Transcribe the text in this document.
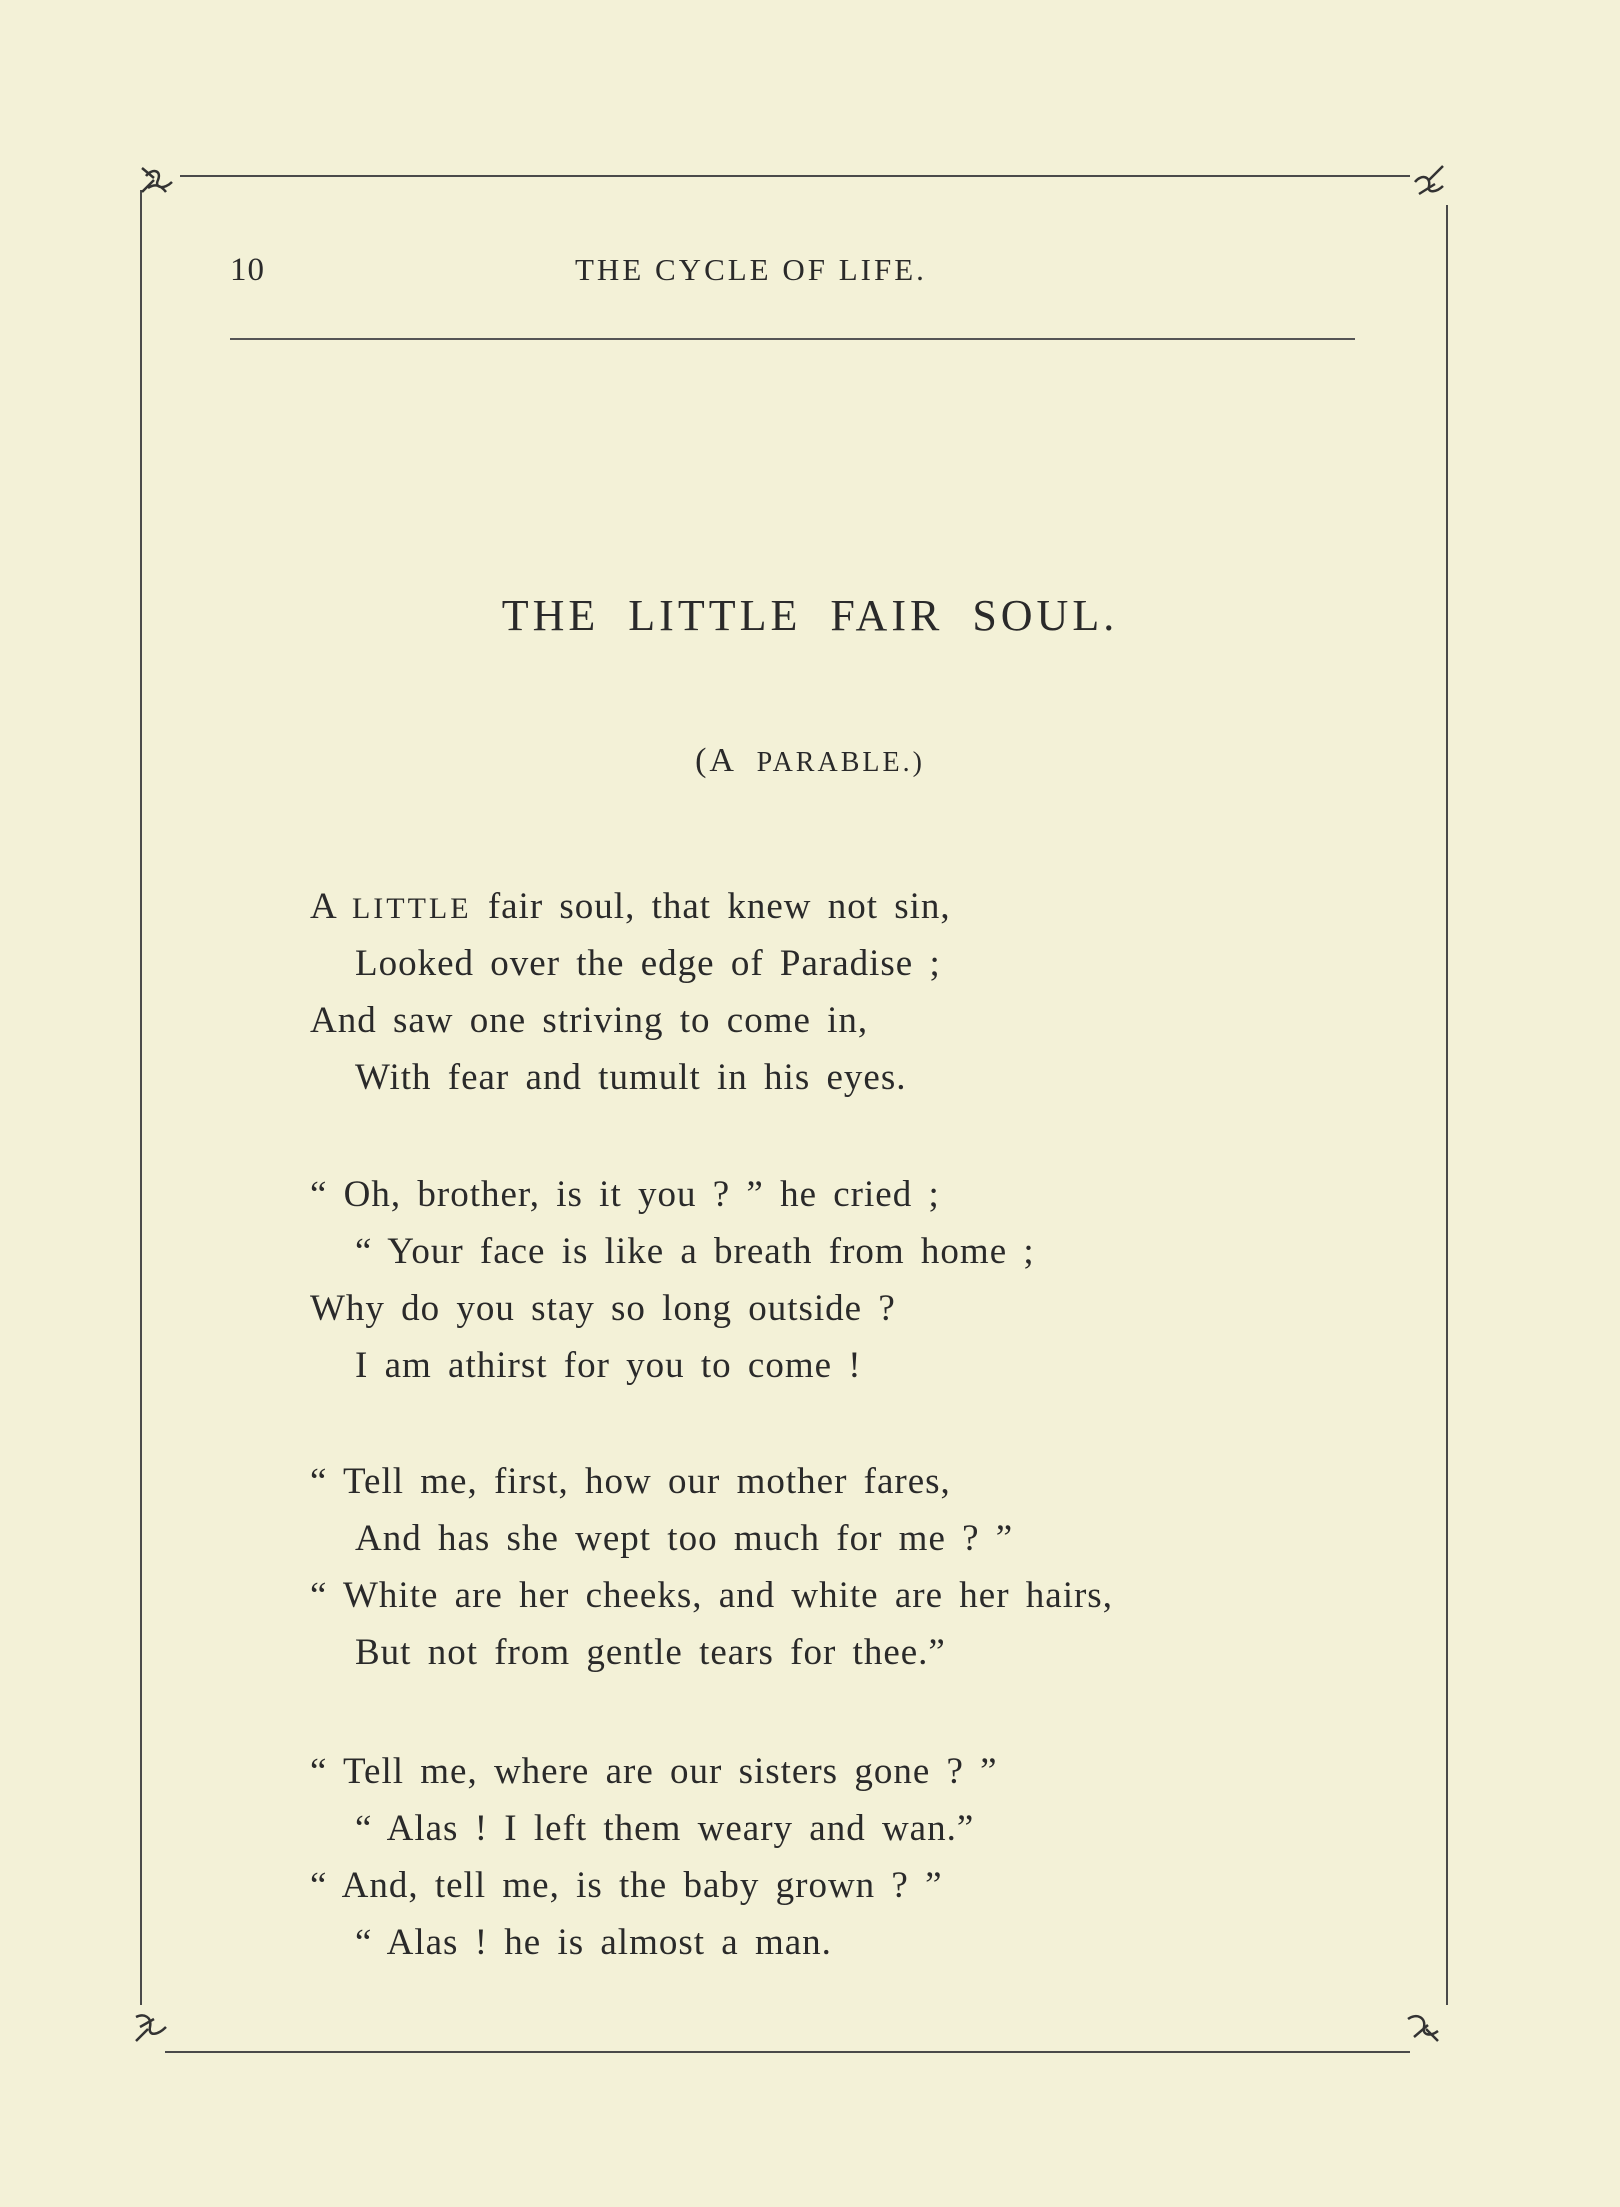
10	THE CYCLE OF LIFE.
THE LITTLE FAIR SOUL.
(A PARABLE.)
A LITTLE fair soul, that knew not sin,
Looked over the edge of Paradise ;
And saw one striving to come in,
With fear and tumult in his eyes.
“ Oh, brother, is it you ? ” he cried ;
“ Your face is like a breath from home ;
Why do you stay so long outside ?
I am athirst for you to come !
“ Tell me, first, how our mother fares,
And has she wept too much for me ? ”
“ White are her cheeks, and white are her hairs,
But not from gentle tears for thee.”
“ Tell me, where are our sisters gone ? ”
“ Alas ! I left them weary and wan.”
“ And, tell me, is the baby grown ? ”
“ Alas ! he is almost a man.
